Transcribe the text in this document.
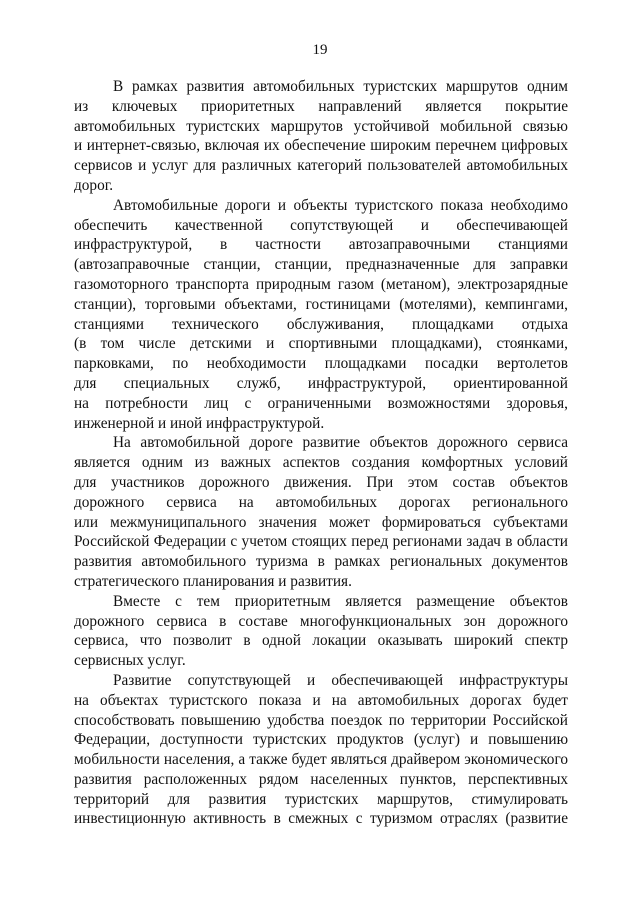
19
В рамках развития автомобильных туристских маршрутов одним
из ключевых приоритетных направлений является покрытие
автомобильных туристских маршрутов устойчивой мобильной связью
и интернет-связью, включая их обеспечение широким перечнем цифровых
сервисов и услуг для различных категорий пользователей автомобильных
дорог.
Автомобильные дороги и объекты туристского показа необходимо
обеспечить качественной сопутствующей и обеспечивающей
инфраструктурой, в частности автозаправочными станциями
(автозаправочные станции, станции, предназначенные для заправки
газомоторного транспорта природным газом (метаном), электрозарядные
станции), торговыми объектами, гостиницами (мотелями), кемпингами,
станциями технического обслуживания, площадками отдыха
(в том числе детскими и спортивными площадками), стоянками,
парковками, по необходимости площадками посадки вертолетов
для специальных служб, инфраструктурой, ориентированной
на потребности лиц с ограниченными возможностями здоровья,
инженерной и иной инфраструктурой.
На автомобильной дороге развитие объектов дорожного сервиса
является одним из важных аспектов создания комфортных условий
для участников дорожного движения. При этом состав объектов
дорожного сервиса на автомобильных дорогах регионального
или межмуниципального значения может формироваться субъектами
Российской Федерации с учетом стоящих перед регионами задач в области
развития автомобильного туризма в рамках региональных документов
стратегического планирования и развития.
Вместе с тем приоритетным является размещение объектов
дорожного сервиса в составе многофункциональных зон дорожного
сервиса, что позволит в одной локации оказывать широкий спектр
сервисных услуг.
Развитие сопутствующей и обеспечивающей инфраструктуры
на объектах туристского показа и на автомобильных дорогах будет
способствовать повышению удобства поездок по территории Российской
Федерации, доступности туристских продуктов (услуг) и повышению
мобильности населения, а также будет являться драйвером экономического
развития расположенных рядом населенных пунктов, перспективных
территорий для развития туристских маршрутов, стимулировать
инвестиционную активность в смежных с туризмом отраслях (развитие
